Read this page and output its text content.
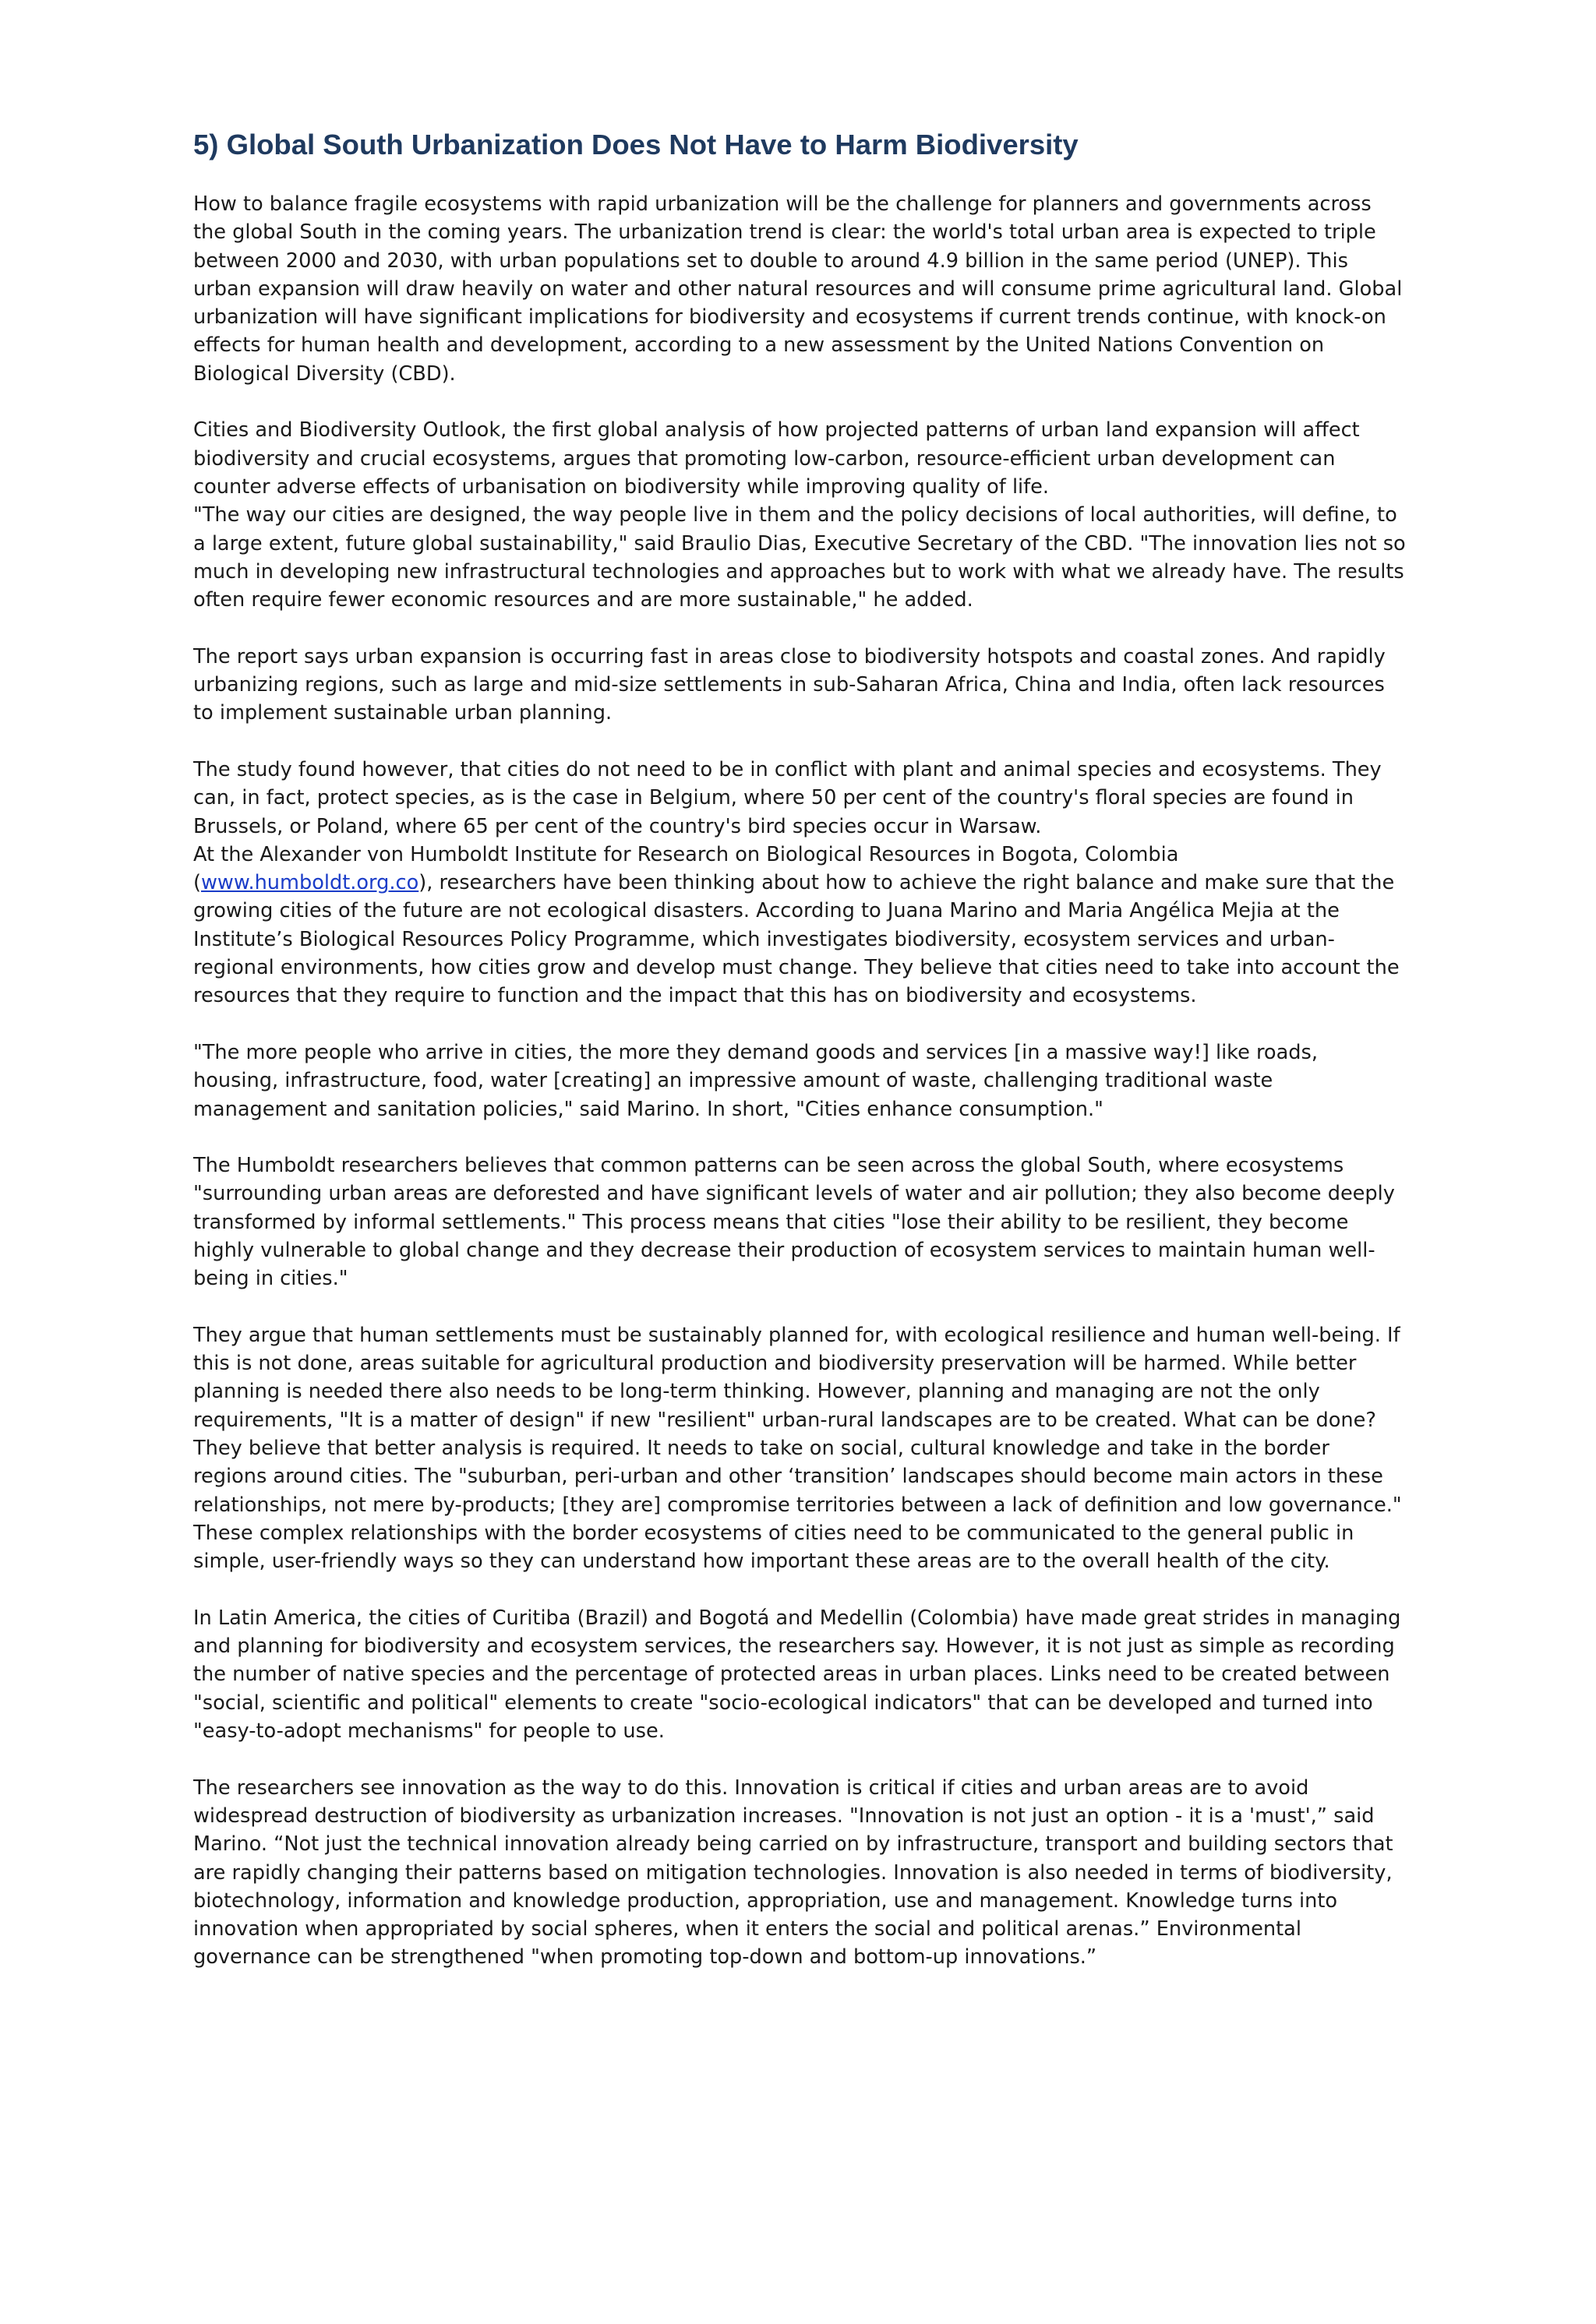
5) Global South Urbanization Does Not Have to Harm Biodiversity

How to balance fragile ecosystems with rapid urbanization will be the challenge for planners and governments across the global South in the coming years. The urbanization trend is clear: the world's total urban area is expected to triple between 2000 and 2030, with urban populations set to double to around 4.9 billion in the same period (UNEP). This urban expansion will draw heavily on water and other natural resources and will consume prime agricultural land. Global urbanization will have significant implications for biodiversity and ecosystems if current trends continue, with knock-on effects for human health and development, according to a new assessment by the United Nations Convention on Biological Diversity (CBD).

Cities and Biodiversity Outlook, the first global analysis of how projected patterns of urban land expansion will affect biodiversity and crucial ecosystems, argues that promoting low-carbon, resource-efficient urban development can counter adverse effects of urbanisation on biodiversity while improving quality of life.

"The way our cities are designed, the way people live in them and the policy decisions of local authorities, will define, to a large extent, future global sustainability," said Braulio Dias, Executive Secretary of the CBD. "The innovation lies not so much in developing new infrastructural technologies and approaches but to work with what we already have. The results often require fewer economic resources and are more sustainable," he added.

The report says urban expansion is occurring fast in areas close to biodiversity hotspots and coastal zones. And rapidly urbanizing regions, such as large and mid-size settlements in sub-Saharan Africa, China and India, often lack resources to implement sustainable urban planning.

The study found however, that cities do not need to be in conflict with plant and animal species and ecosystems. They can, in fact, protect species, as is the case in Belgium, where 50 per cent of the country's floral species are found in Brussels, or Poland, where 65 per cent of the country's bird species occur in Warsaw.

At the Alexander von Humboldt Institute for Research on Biological Resources in Bogota, Colombia (www.humboldt.org.co), researchers have been thinking about how to achieve the right balance and make sure that the growing cities of the future are not ecological disasters. According to Juana Marino and Maria Angélica Mejia at the Institute’s Biological Resources Policy Programme, which investigates biodiversity, ecosystem services and urban-regional environments, how cities grow and develop must change. They believe that cities need to take into account the resources that they require to function and the impact that this has on biodiversity and ecosystems.

"The more people who arrive in cities, the more they demand goods and services [in a massive way!] like roads, housing, infrastructure, food, water [creating] an impressive amount of waste, challenging traditional waste management and sanitation policies," said Marino. In short, "Cities enhance consumption."

The Humboldt researchers believes that common patterns can be seen across the global South, where ecosystems "surrounding urban areas are deforested and have significant levels of water and air pollution; they also become deeply transformed by informal settlements." This process means that cities "lose their ability to be resilient, they become highly vulnerable to global change and they decrease their production of ecosystem services to maintain human well-being in cities."

They argue that human settlements must be sustainably planned for, with ecological resilience and human well-being. If this is not done, areas suitable for agricultural production and biodiversity preservation will be harmed. While better planning is needed there also needs to be long-term thinking. However, planning and managing are not the only requirements, "It is a matter of design" if new "resilient" urban-rural landscapes are to be created. What can be done? They believe that better analysis is required. It needs to take on social, cultural knowledge and take in the border regions around cities. The "suburban, peri-urban and other ‘transition’ landscapes should become main actors in these relationships, not mere by-products; [they are] compromise territories between a lack of definition and low governance." These complex relationships with the border ecosystems of cities need to be communicated to the general public in simple, user-friendly ways so they can understand how important these areas are to the overall health of the city.

In Latin America, the cities of Curitiba (Brazil) and Bogotá and Medellin (Colombia) have made great strides in managing and planning for biodiversity and ecosystem services, the researchers say. However, it is not just as simple as recording the number of native species and the percentage of protected areas in urban places. Links need to be created between "social, scientific and political" elements to create "socio-ecological indicators" that can be developed and turned into "easy-to-adopt mechanisms" for people to use.

The researchers see innovation as the way to do this. Innovation is critical if cities and urban areas are to avoid widespread destruction of biodiversity as urbanization increases. "Innovation is not just an option - it is a 'must',” said Marino. “Not just the technical innovation already being carried on by infrastructure, transport and building sectors that are rapidly changing their patterns based on mitigation technologies. Innovation is also needed in terms of biodiversity, biotechnology, information and knowledge production, appropriation, use and management. Knowledge turns into innovation when appropriated by social spheres, when it enters the social and political arenas.” Environmental governance can be strengthened "when promoting top-down and bottom-up innovations.”
